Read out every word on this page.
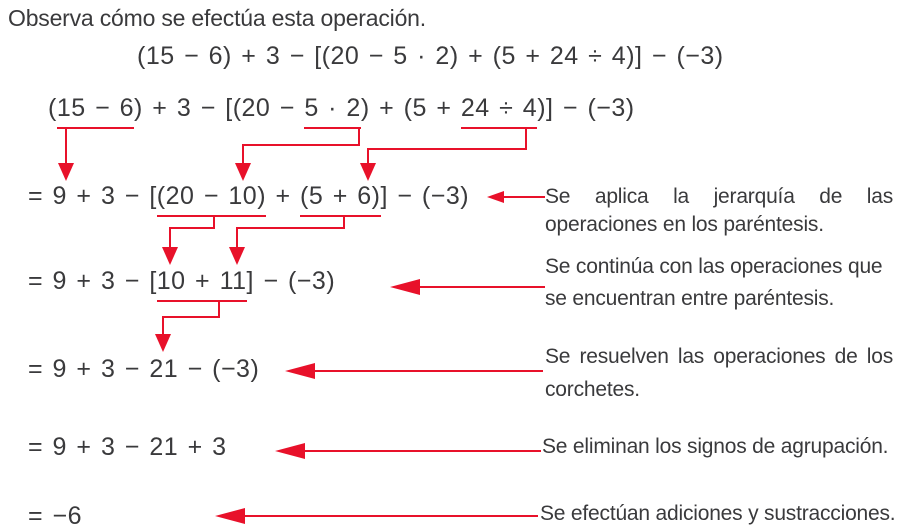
Observa cómo se efectúa esta operación.
(15 − 6) + 3 − [(20 − 5 · 2) + (5 + 24 ÷ 4)] − (−3)
(15 − 6) + 3 − [(20 − 5 · 2) + (5 + 24 ÷ 4)] − (−3)
= 9 + 3 − [(20 − 10) + (5 + 6)] − (−3)	Se aplica la jerarquía de las
operaciones en los paréntesis.
= 9 + 3 − [10 + 11] − (−3)
Se continúa con las operaciones que
se encuentran entre paréntesis.
= 9 + 3 − 21 − (−3)	Se resuelven las operaciones de los
corchetes.
= 9 + 3 − 21 + 3	Se eliminan los signos de agrupación.
= −6	Se efectúan adiciones y sustracciones.
